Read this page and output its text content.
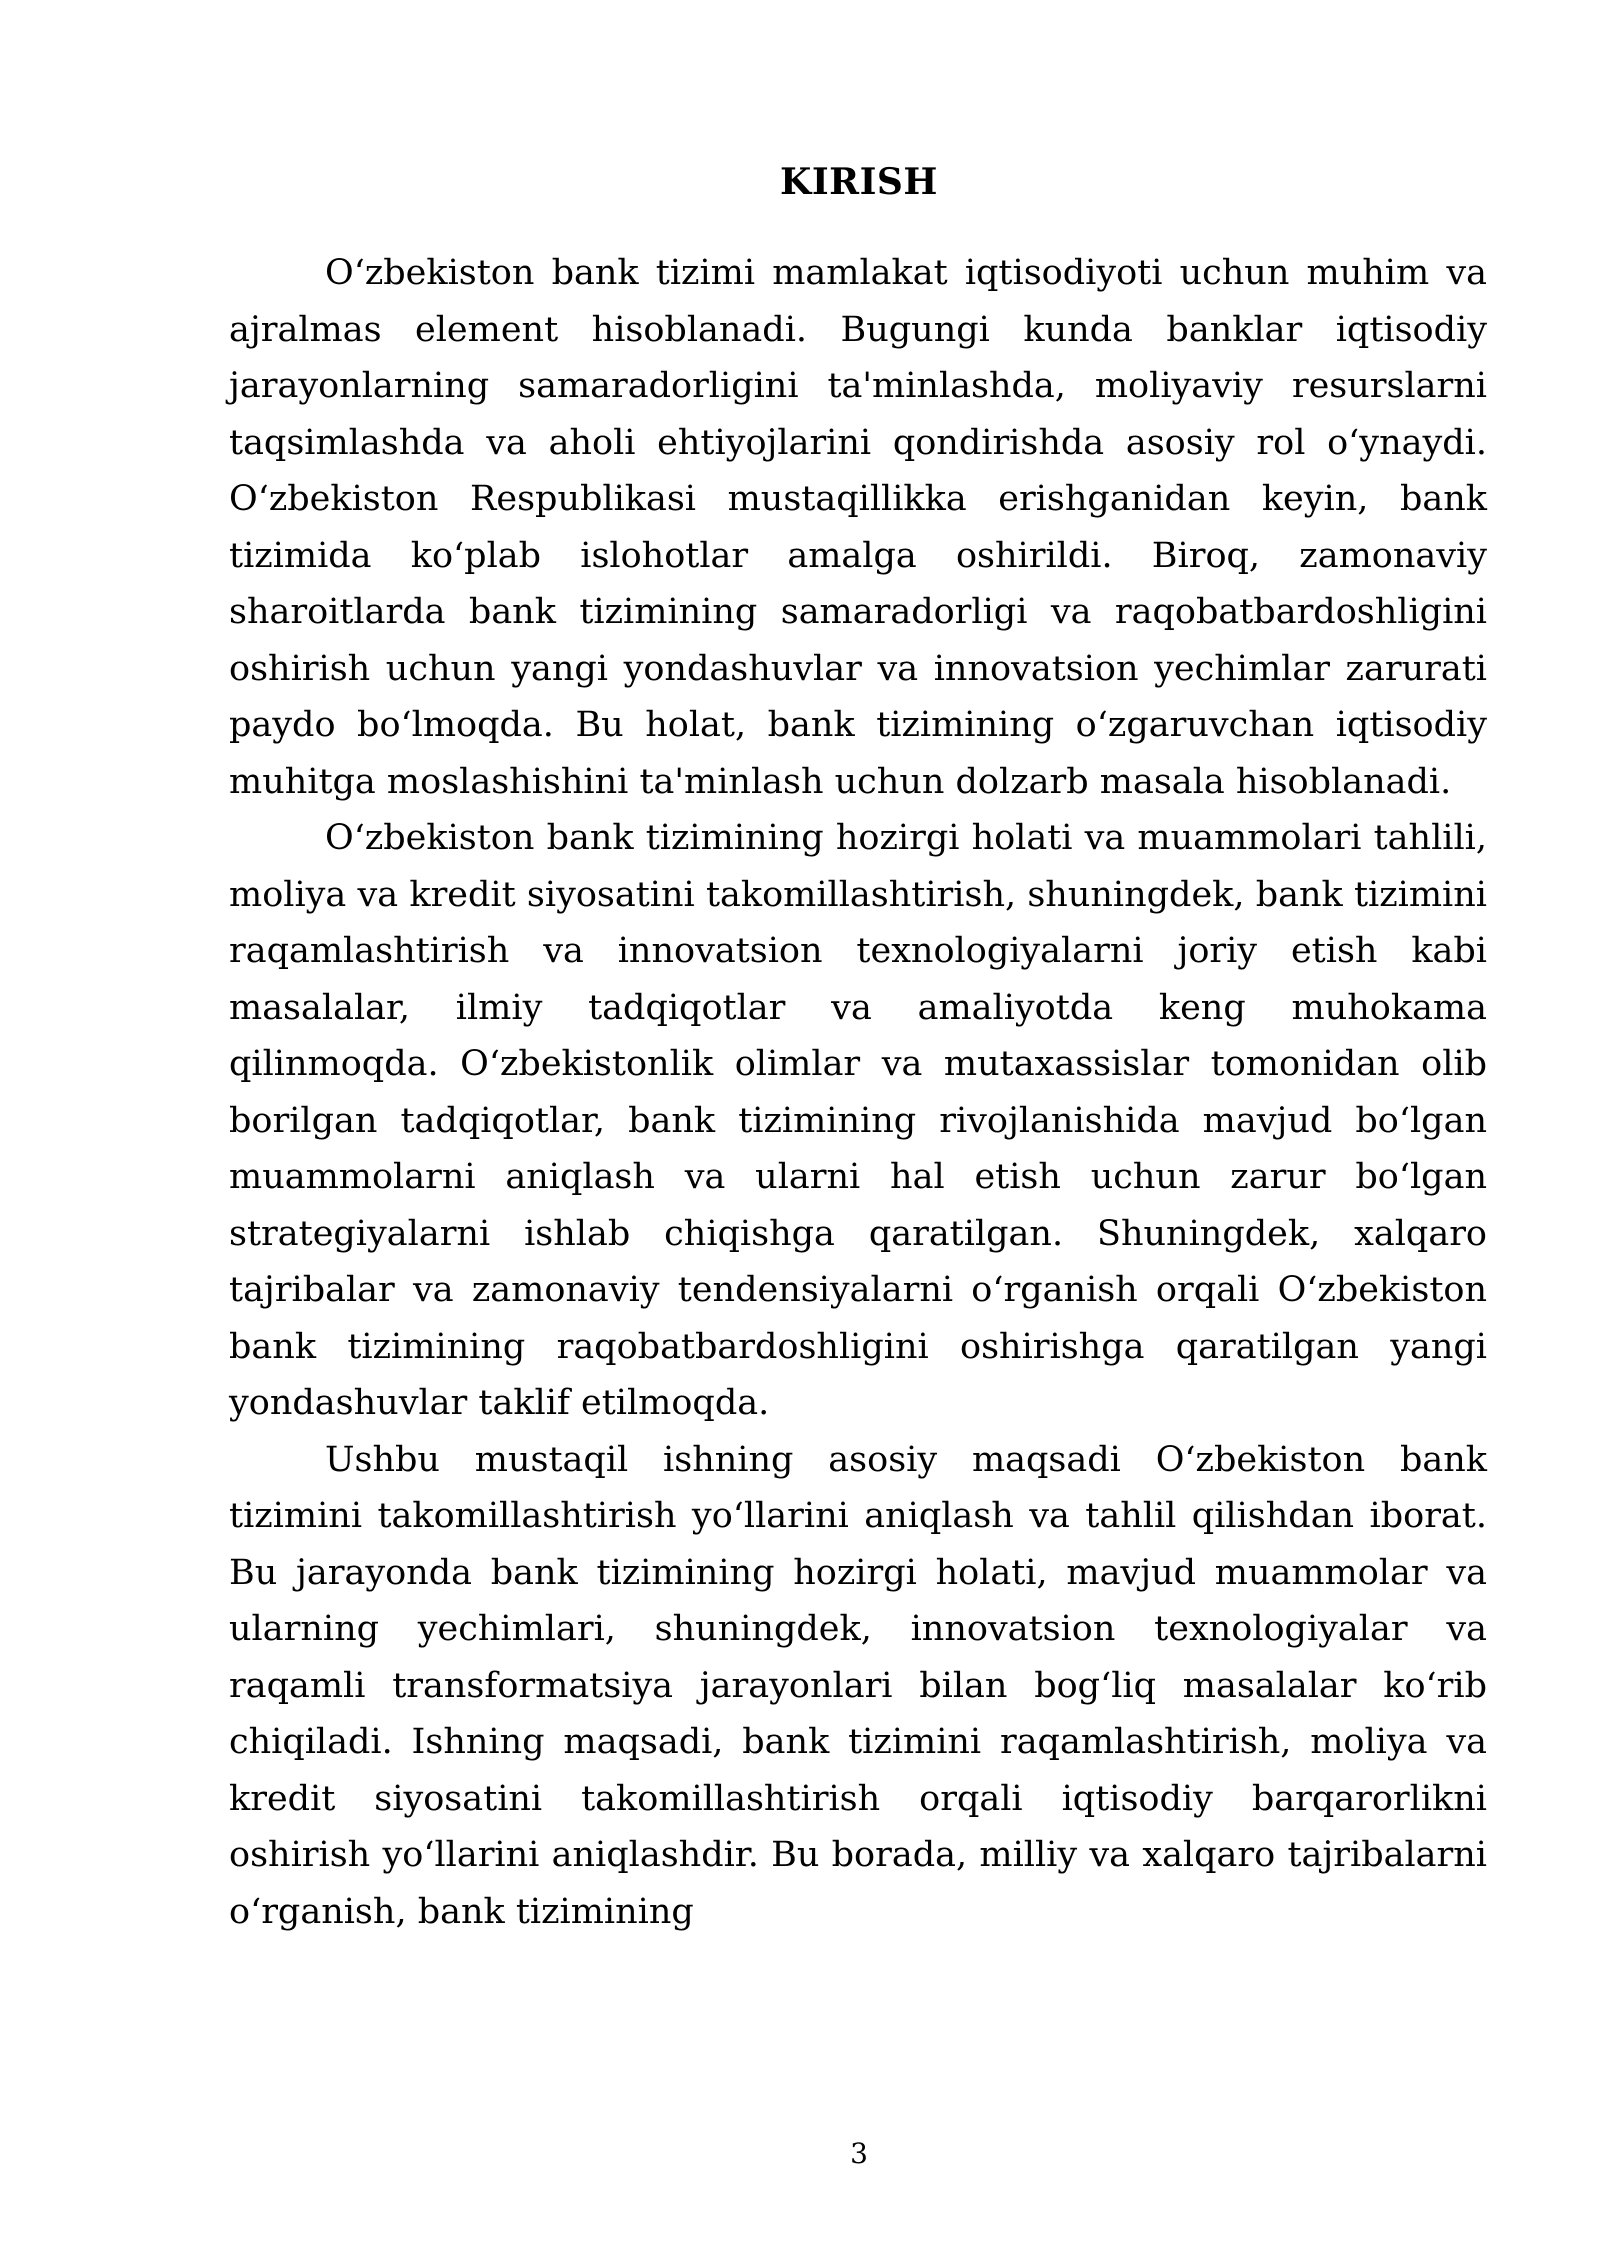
KIRISH

O‘zbekiston bank tizimi mamlakat iqtisodiyoti uchun muhim va ajralmas element hisoblanadi. Bugungi kunda banklar iqtisodiy jarayonlarning samaradorligini ta'minlashda, moliyaviy resurslarni taqsimlashda va aholi ehtiyojlarini qondirishda asosiy rol o‘ynaydi. O‘zbekiston Respublikasi mustaqillikka erishganidan keyin, bank tizimida ko‘plab islohotlar amalga oshirildi. Biroq, zamonaviy sharoitlarda bank tizimining samaradorligi va raqobatbardoshligini oshirish uchun yangi yondashuvlar va innovatsion yechimlar zarurati paydo bo‘lmoqda. Bu holat, bank tizimining o‘zgaruvchan iqtisodiy muhitga moslashishini ta'minlash uchun dolzarb masala hisoblanadi.

O‘zbekiston bank tizimining hozirgi holati va muammolari tahlili, moliya va kredit siyosatini takomillashtirish, shuningdek, bank tizimini raqamlashtirish va innovatsion texnologiyalarni joriy etish kabi masalalar, ilmiy tadqiqotlar va amaliyotda keng muhokama qilinmoqda. O‘zbekistonlik olimlar va mutaxassislar tomonidan olib borilgan tadqiqotlar, bank tizimining rivojlanishida mavjud bo‘lgan muammolarni aniqlash va ularni hal etish uchun zarur bo‘lgan strategiyalarni ishlab chiqishga qaratilgan. Shuningdek, xalqaro tajribalar va zamonaviy tendensiyalarni o‘rganish orqali O‘zbekiston bank tizimining raqobatbardoshligini oshirishga qaratilgan yangi yondashuvlar taklif etilmoqda.

Ushbu mustaqil ishning asosiy maqsadi O‘zbekiston bank tizimini takomillashtirish yo‘llarini aniqlash va tahlil qilishdan iborat. Bu jarayonda bank tizimining hozirgi holati, mavjud muammolar va ularning yechimlari, shuningdek, innovatsion texnologiyalar va raqamli transformatsiya jarayonlari bilan bog‘liq masalalar ko‘rib chiqiladi. Ishning maqsadi, bank tizimini raqamlashtirish, moliya va kredit siyosatini takomillashtirish orqali iqtisodiy barqarorlikni oshirish yo‘llarini aniqlashdir. Bu borada, milliy va xalqaro tajribalarni o‘rganish, bank tizimining

3
